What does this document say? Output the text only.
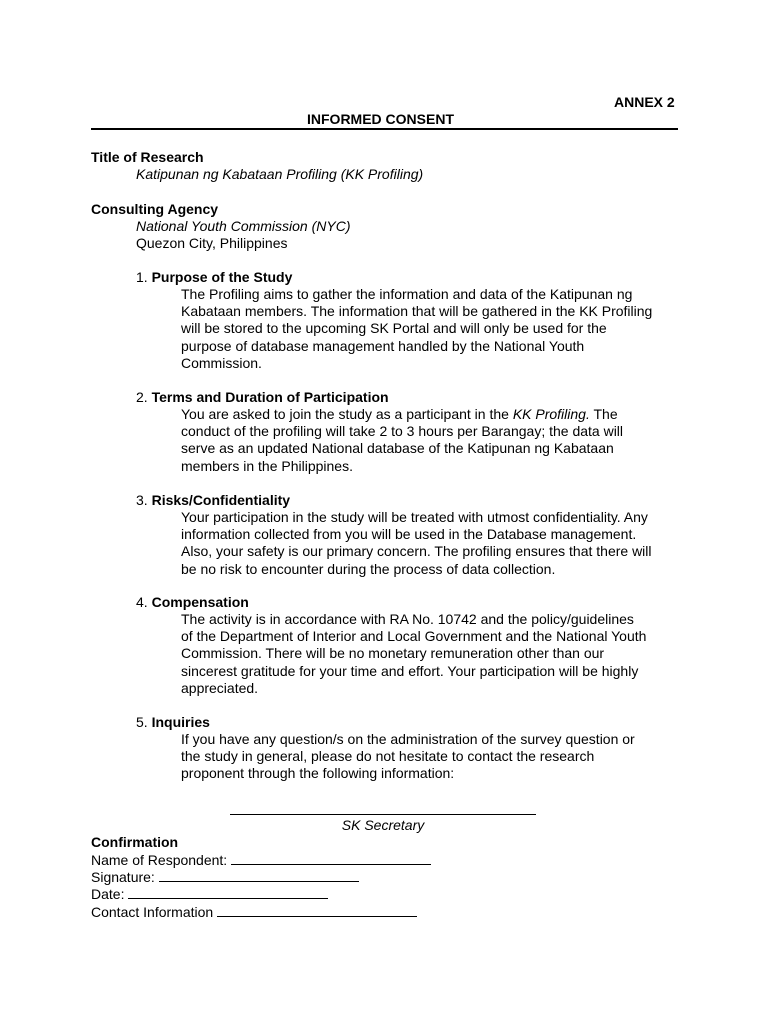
ANNEX 2
INFORMED CONSENT
Title of Research
Katipunan ng Kabataan Profiling (KK Profiling)
Consulting Agency
National Youth Commission (NYC)
Quezon City, Philippines
1. Purpose of the Study
The Profiling aims to gather the information and data of the Katipunan ng
Kabataan members. The information that will be gathered in the KK Profiling
will be stored to the upcoming SK Portal and will only be used for the
purpose of database management handled by the National Youth
Commission.
2. Terms and Duration of Participation
You are asked to join the study as a participant in the KK Profiling. The
conduct of the profiling will take 2 to 3 hours per Barangay; the data will
serve as an updated National database of the Katipunan ng Kabataan
members in the Philippines.
3. Risks/Confidentiality
Your participation in the study will be treated with utmost confidentiality. Any
information collected from you will be used in the Database management.
Also, your safety is our primary concern. The profiling ensures that there will
be no risk to encounter during the process of data collection.
4. Compensation
The activity is in accordance with RA No. 10742 and the policy/guidelines
of the Department of Interior and Local Government and the National Youth
Commission. There will be no monetary remuneration other than our
sincerest gratitude for your time and effort. Your participation will be highly
appreciated.
5. Inquiries
If you have any question/s on the administration of the survey question or
the study in general, please do not hesitate to contact the research
proponent through the following information:
SK Secretary
Confirmation
Name of Respondent:
Signature:
Date:
Contact Information
